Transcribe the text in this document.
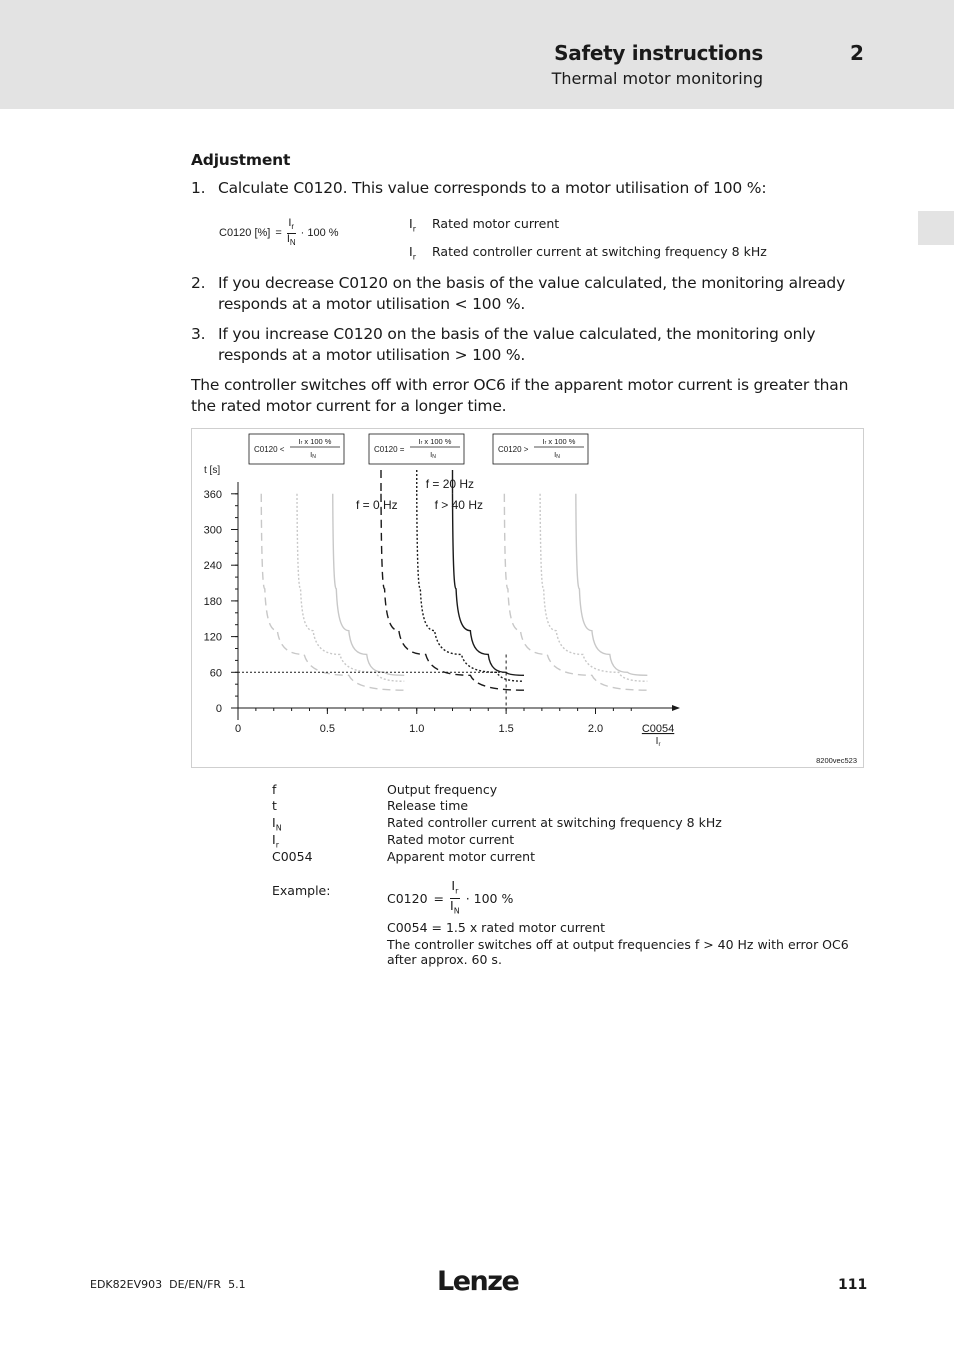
Safety instructions	2
Thermal motor monitoring
Adjustment
1. Calculate C0120. This value corresponds to a motor utilisation of 100 %:
C0120 [%] = $\frac{I_r}{I_N} \cdot 100$ %
$I_r$ Rated motor current
$I_r$ Rated controller current at switching frequency 8 kHz
2. If you decrease C0120 on the basis of the value calculated, the monitoring already responds at a motor utilisation < 100 %.
3. If you increase C0120 on the basis of the value calculated, the monitoring only responds at a motor utilisation > 100 %.
The controller switches off with error OC6 if the apparent motor current is greater than the rated motor current for a longer time.
C0120 <
Ir x 100 %
IN
C0120 =
Ir x 100 %
IN
C0120 >
Ir x 100 %
IN
0
60
120
180
240
300
360
0	0.5	1.0	1.5	2.0
t [s]
C0054
$I_r$
f = 20 Hz
f = 0 Hz	f > 40 Hz
8200vec523
f	Output frequency
t	Release time
$I_N$	Rated controller current at switching frequency 8 kHz
$I_r$	Rated motor current
C0054	Apparent motor current
Example:	$C0120 = \frac{I_r}{I_N} \cdot 100$ %
C0054 = 1.5 x rated motor current
The controller switches off at output frequencies f > 40 Hz with error OC6 after approx. 60 s.
EDK82EV903  DE/EN/FR  5.1	Lenze	111
